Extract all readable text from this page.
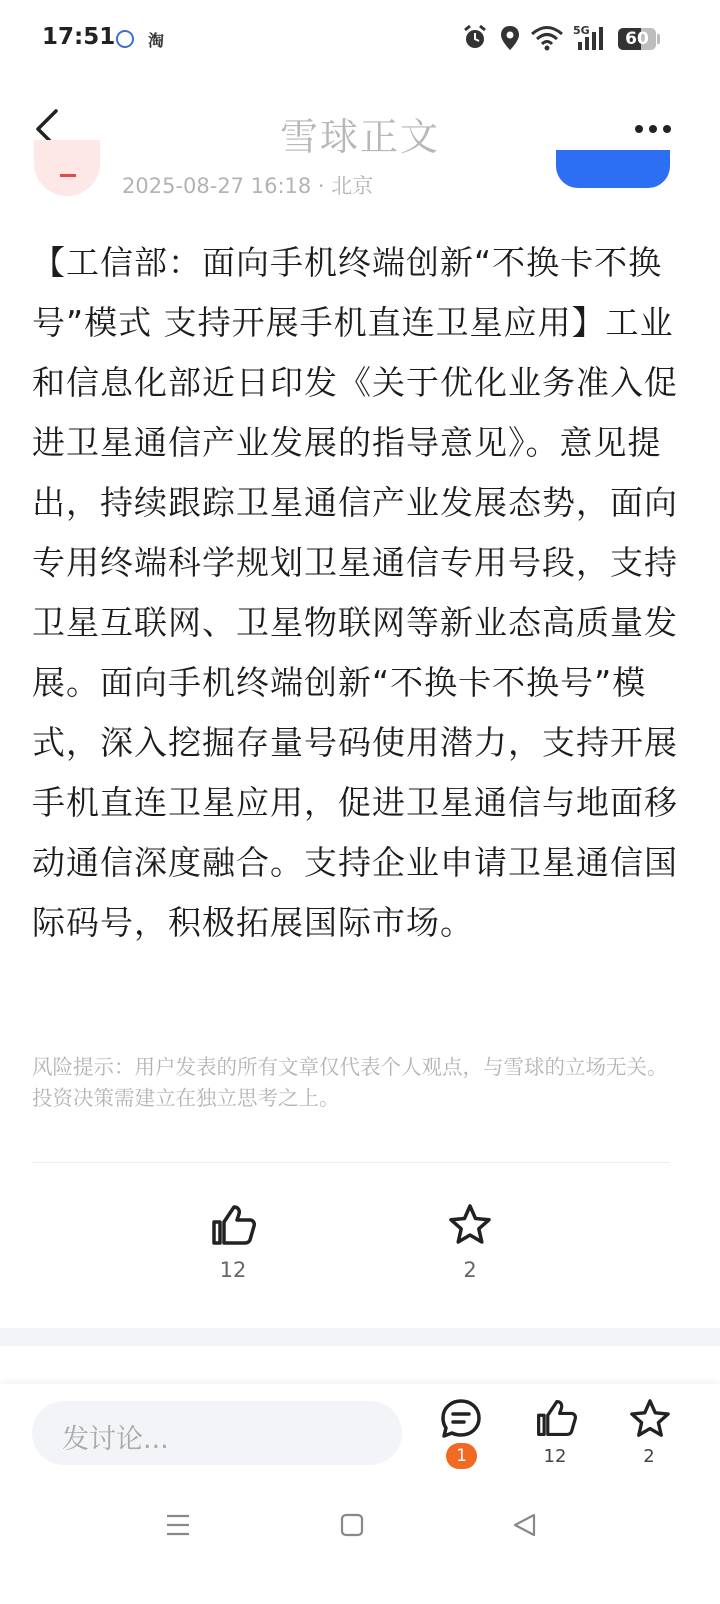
17:51 淘
5G	60
雪球正文
2025-08-27 16:18 · 北京

【工信部：面向手机终端创新“不换卡不换号”模式 支持开展手机直连卫星应用】工业和信息化部近日印发《关于优化业务准入促进卫星通信产业发展的指导意见》。意见提出，持续跟踪卫星通信产业发展态势，面向专用终端科学规划卫星通信专用号段，支持卫星互联网、卫星物联网等新业态高质量发展。面向手机终端创新“不换卡不换号”模式，深入挖掘存量号码使用潜力，支持开展手机直连卫星应用，促进卫星通信与地面移动通信深度融合。支持企业申请卫星通信国际码号，积极拓展国际市场。

风险提示：用户发表的所有文章仅代表个人观点，与雪球的立场无关。投资决策需建立在独立思考之上。

12	2
发讨论...
1	12	2
